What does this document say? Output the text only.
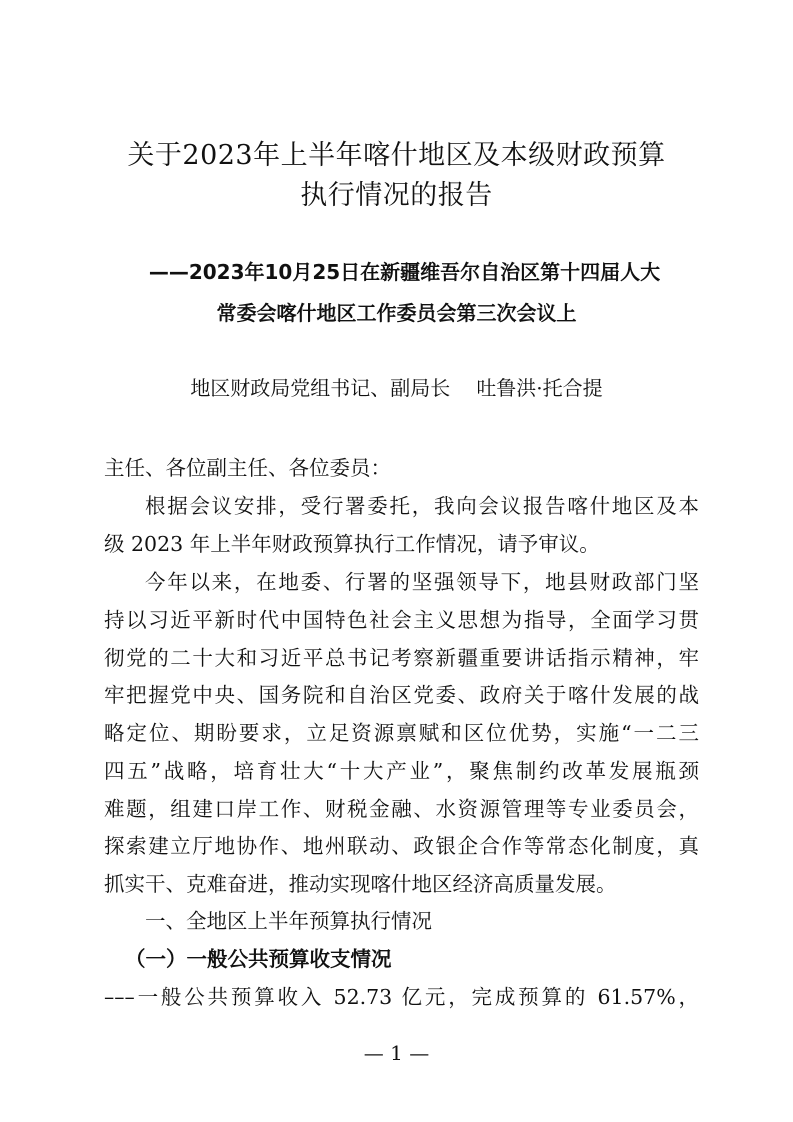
关于2023年上半年喀什地区及本级财政预算
执行情况的报告
——2023年10月25日在新疆维吾尔自治区第十四届人大
常委会喀什地区工作委员会第三次会议上
地区财政局党组书记、副局长 吐鲁洪·托合提
主任、各位副主任、各位委员：
根据会议安排，受行署委托，我向会议报告喀什地区及本
级 2023 年上半年财政预算执行工作情况，请予审议。
今年以来，在地委、行署的坚强领导下，地县财政部门坚
持以习近平新时代中国特色社会主义思想为指导，全面学习贯
彻党的二十大和习近平总书记考察新疆重要讲话指示精神，牢
牢把握党中央、国务院和自治区党委、政府关于喀什发展的战
略定位、期盼要求，立足资源禀赋和区位优势，实施“一二三
四五”战略，培育壮大“十大产业”，聚焦制约改革发展瓶颈
难题，组建口岸工作、财税金融、水资源管理等专业委员会，
探索建立厅地协作、地州联动、政银企合作等常态化制度，真
抓实干、克难奋进，推动实现喀什地区经济高质量发展。
一、全地区上半年预算执行情况
（一）一般公共预算收支情况
–––一般公共预算收入 52.73 亿元，完成预算的 61.57%，
— 1 —
